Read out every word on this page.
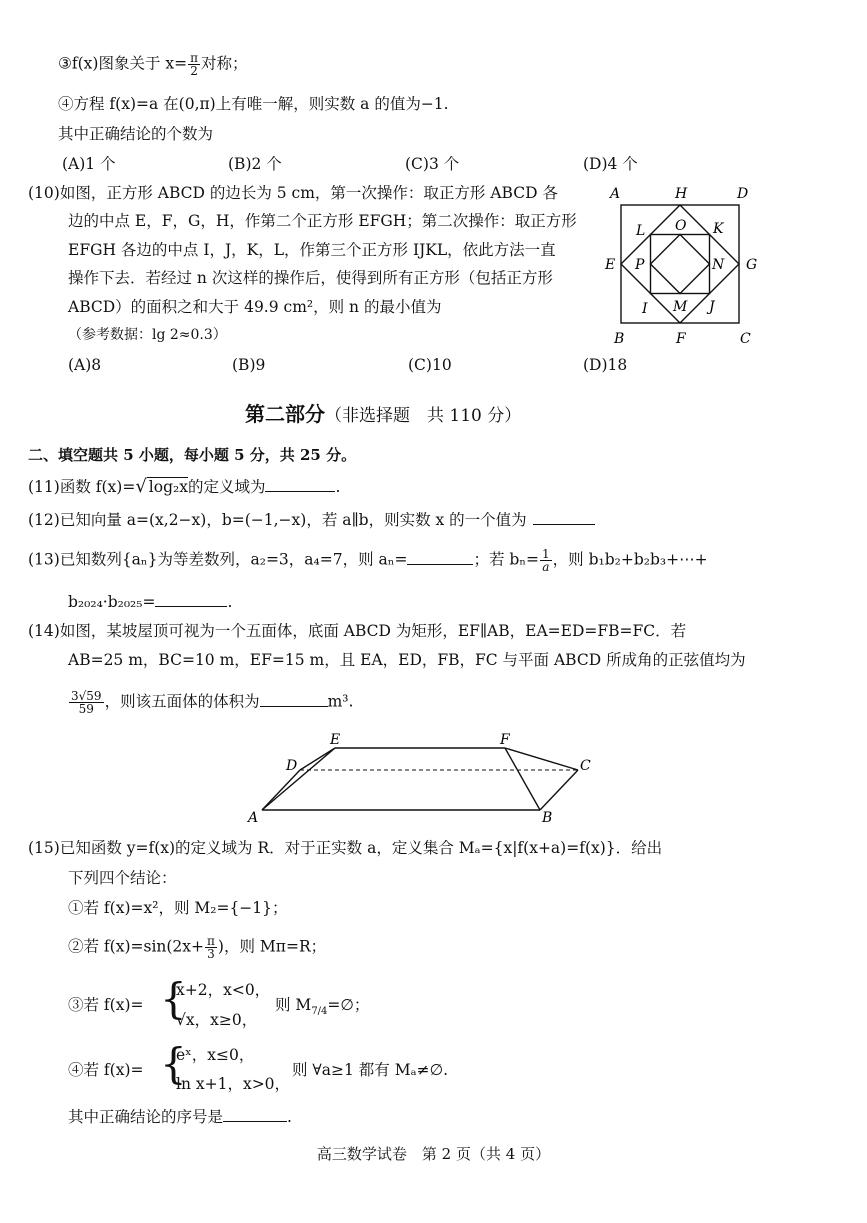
③f(x)图象关于 $x= \frac{\pi}{2}$ 对称；
④方程 f(x)=a 在(0,π)上有唯一解，则实数 a 的值为−1.
其中正确结论的个数为
(A)1 个	(B)2 个	(C)3 个	(D)4 个
(10)如图，正方形 ABCD 的边长为 5 cm，第一次操作：取正方形 ABCD 各
边的中点 E，F，G，H，作第二个正方形 EFGH；第二次操作：取正方形
EFGH 各边的中点 I，J，K，L，作第三个正方形 IJKL，依此方法一直
操作下去．若经过 n 次这样的操作后，使得到所有正方形（包括正方形
ABCD）的面积之和大于 49.9 cm²，则 n 的最小值为
（参考数据：lg 2≈0.3）
(A)8	(B)9	(C)10	(D)18
A	H	D
L O K
E P	N G
I M J
B	F	C
第二部分（非选择题　共 110 分）
二、填空题共 5 小题，每小题 5 分，共 25 分。
(11)函数 f(x)=√ log₂x的定义域为	.
(12)已知向量 a=(x,2−x)，b=(−1,−x)，若 a∥b，则实数 x 的一个值为
(13)已知数列{aₙ}为等差数列，a₂=3，a₄=7，则 aₙ=	；若 $b_n= \frac{1}{a}$ ，则 b₁b₂+b₂b₃+⋯+
b₂₀₂₄·b₂₀₂₅=	.
(14)如图，某坡屋顶可视为一个五面体，底面 ABCD 为矩形，EF∥AB，EA=ED=FB=FC．若
AB=25 m，BC=10 m，EF=15 m，且 EA，ED，FB，FC 与平面 ABCD 所成角的正弦值均为
$\frac{3√59}{59}$ ，则该五面体的体积为	m³.
D
E	F
C
A	B
(15)已知函数 y=f(x)的定义域为 R．对于正实数 a，定义集合 Mₐ={x|f(x+a)=f(x)}．给出
下列四个结论：
①若 f(x)=x²，则 M₂={−1}；
②若 $f(x)=\sin(2x+ \frac{\pi}{3}$ )，则 Mπ=R；
③若 f(x)= {
x+2，x<0，
√x，x≥0，
则 $M_{7/4}=\emptyset$；
④若 f(x)= {
eˣ，x≤0，
ln x+1，x>0，
则 ∀a≥1 都有 Mₐ≠∅.
其中正确结论的序号是	.
高三数学试卷　第 2 页（共 4 页）
